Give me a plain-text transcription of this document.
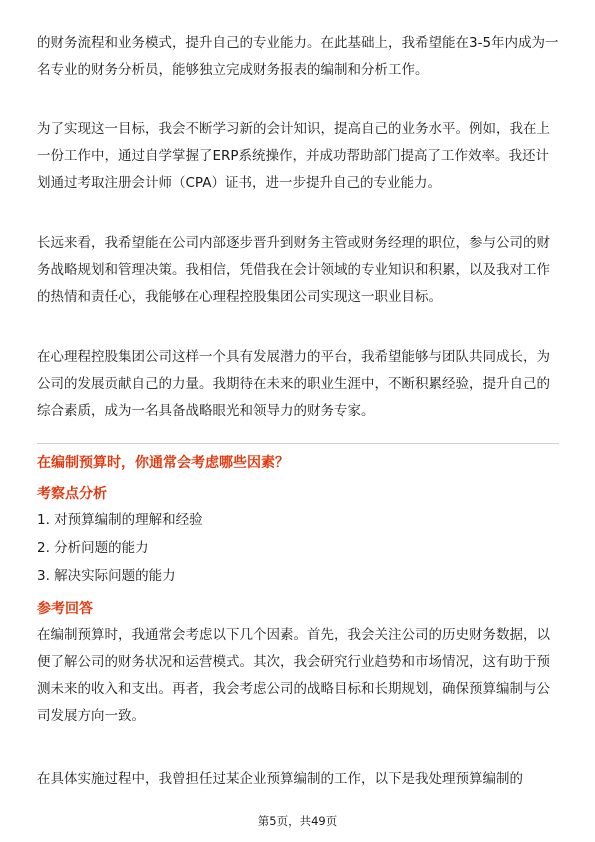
的财务流程和业务模式，提升自己的专业能力。在此基础上，我希望能在3-5年内成为一名专业的财务分析员，能够独立完成财务报表的编制和分析工作。

为了实现这一目标，我会不断学习新的会计知识，提高自己的业务水平。例如，我在上一份工作中，通过自学掌握了ERP系统操作，并成功帮助部门提高了工作效率。我还计划通过考取注册会计师（CPA）证书，进一步提升自己的专业能力。

长远来看，我希望能在公司内部逐步晋升到财务主管或财务经理的职位，参与公司的财务战略规划和管理决策。我相信，凭借我在会计领域的专业知识和积累，以及我对工作的热情和责任心，我能够在心理程控股集团公司实现这一职业目标。

在心理程控股集团公司这样一个具有发展潜力的平台，我希望能够与团队共同成长，为公司的发展贡献自己的力量。我期待在未来的职业生涯中，不断积累经验，提升自己的综合素质，成为一名具备战略眼光和领导力的财务专家。

在编制预算时，你通常会考虑哪些因素？

考察点分析

1. 对预算编制的理解和经验

2. 分析问题的能力

3. 解决实际问题的能力

参考回答

在编制预算时，我通常会考虑以下几个因素。首先，我会关注公司的历史财务数据，以便了解公司的财务状况和运营模式。其次，我会研究行业趋势和市场情况，这有助于预测未来的收入和支出。再者，我会考虑公司的战略目标和长期规划，确保预算编制与公司发展方向一致。

在具体实施过程中，我曾担任过某企业预算编制的工作，以下是我处理预算编制的

第5页，共49页
